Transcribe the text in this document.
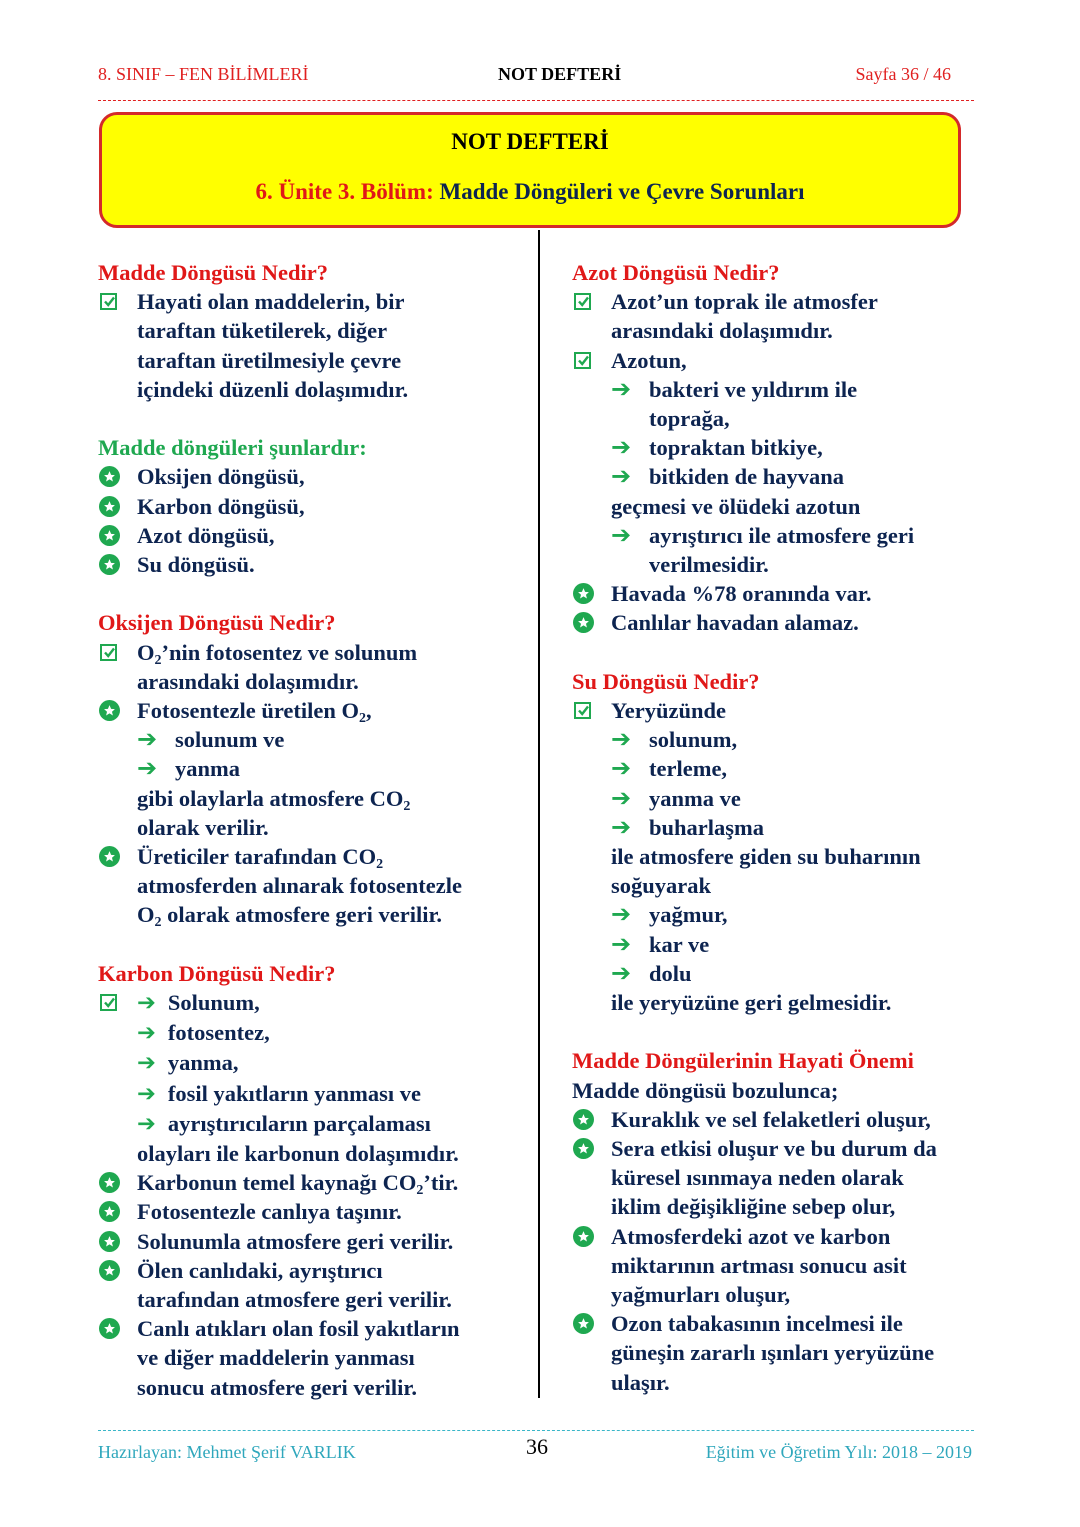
8. SINIF – FEN BİLİMLERİ	NOT DEFTERİ	Sayfa 36 / 46
NOT DEFTERİ
6. Ünite 3. Bölüm: Madde Döngüleri ve Çevre Sorunları
Madde Döngüsü Nedir?
Hayati olan maddelerin, bir
taraftan tüketilerek, diğer
taraftan üretilmesiyle çevre
içindeki düzenli dolaşımıdır.
Madde döngüleri şunlardır:
Oksijen döngüsü,
Karbon döngüsü,
Azot döngüsü,
Su döngüsü.
Oksijen Döngüsü Nedir?
$O_2’nin$ fotosentez ve solunum
arasındaki dolaşımıdır.
Fotosentezle üretilen $O_2$,
➔ solunum ve
➔ yanma
gibi olaylarla atmosfere $CO_2$
olarak verilir.
Üreticiler tarafından $CO_2$
atmosferden alınarak fotosentezle
$O_2$ olarak atmosfere geri verilir.
Karbon Döngüsü Nedir?
➔ Solunum,
➔ fotosentez,
➔ yanma,
➔ fosil yakıtların yanması ve
➔ ayrıştırıcıların parçalaması
olayları ile karbonun dolaşımıdır.
Karbonun temel kaynağı $CO_2’tir$.
Fotosentezle canlıya taşınır.
Solunumla atmosfere geri verilir.
Ölen canlıdaki, ayrıştırıcı
tarafından atmosfere geri verilir.
Canlı atıkları olan fosil yakıtların
ve diğer maddelerin yanması
sonucu atmosfere geri verilir.
Azot Döngüsü Nedir?
Azot’un toprak ile atmosfer
arasındaki dolaşımıdır.
Azotun,
➔ bakteri ve yıldırım ile
toprağa,
➔ topraktan bitkiye,
➔ bitkiden de hayvana
geçmesi ve ölüdeki azotun
➔ ayrıştırıcı ile atmosfere geri
verilmesidir.
Havada %78 oranında var.
Canlılar havadan alamaz.
Su Döngüsü Nedir?
Yeryüzünde
➔ solunum,
➔ terleme,
➔ yanma ve
➔ buharlaşma
ile atmosfere giden su buharının
soğuyarak
➔ yağmur,
➔ kar ve
➔ dolu
ile yeryüzüne geri gelmesidir.
Madde Döngülerinin Hayati Önemi
Madde döngüsü bozulunca;
Kuraklık ve sel felaketleri oluşur,
Sera etkisi oluşur ve bu durum da
küresel ısınmaya neden olarak
iklim değişikliğine sebep olur,
Atmosferdeki azot ve karbon
miktarının artması sonucu asit
yağmurları oluşur,
Ozon tabakasının incelmesi ile
güneşin zararlı ışınları yeryüzüne
ulaşır.
Hazırlayan: Mehmet Şerif VARLIK	36	Eğitim ve Öğretim Yılı: 2018 – 2019
